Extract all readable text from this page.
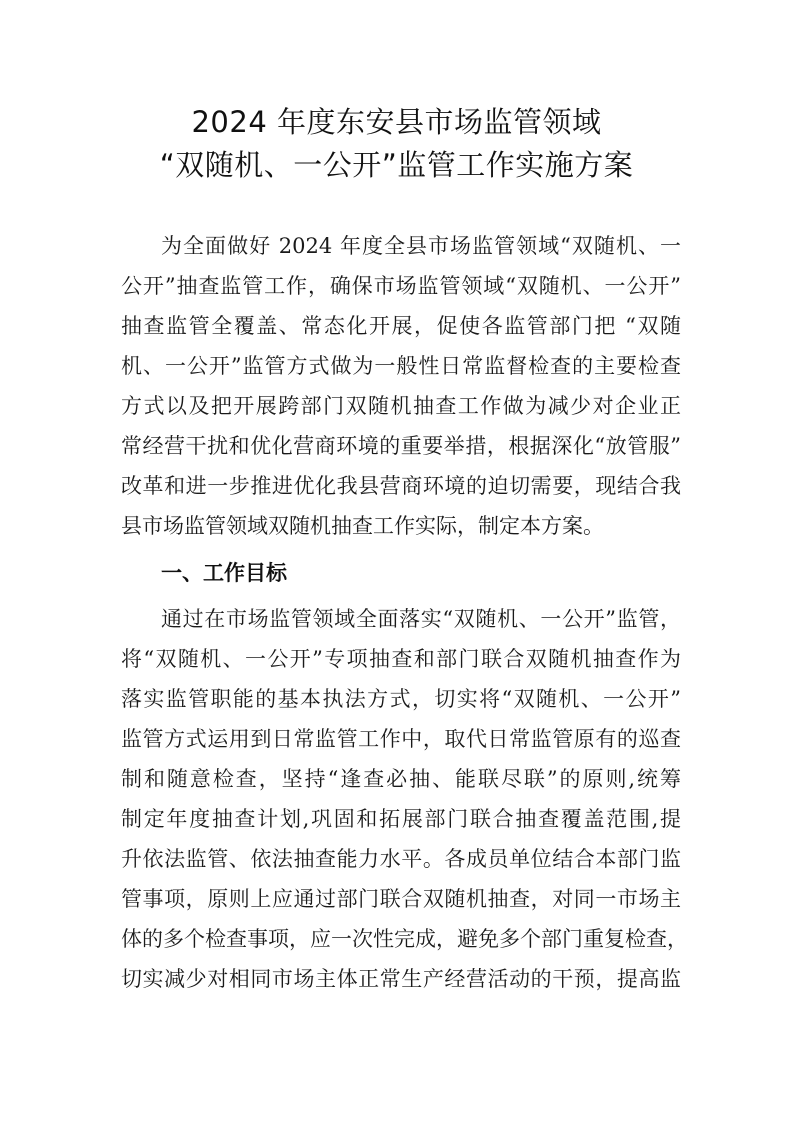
2024 年度东安县市场监管领域
“双随机、一公开”监管工作实施方案
为全面做好 2024 年度全县市场监管领域“双随机、一
公开”抽查监管工作，确保市场监管领域“双随机、一公开”
抽查监管全覆盖、常态化开展，促使各监管部门把 “双随
机、一公开”监管方式做为一般性日常监督检查的主要检查
方式以及把开展跨部门双随机抽查工作做为减少对企业正
常经营干扰和优化营商环境的重要举措，根据深化“放管服”
改革和进一步推进优化我县营商环境的迫切需要，现结合我
县市场监管领域双随机抽查工作实际，制定本方案。
一、工作目标
通过在市场监管领域全面落实“双随机、一公开”监管，
将“双随机、一公开”专项抽查和部门联合双随机抽查作为
落实监管职能的基本执法方式，切实将“双随机、一公开”
监管方式运用到日常监管工作中，取代日常监管原有的巡查
制和随意检查，坚持“逢查必抽、能联尽联”的原则,统筹
制定年度抽查计划,巩固和拓展部门联合抽查覆盖范围,提
升依法监管、依法抽查能力水平。各成员单位结合本部门监
管事项，原则上应通过部门联合双随机抽查，对同一市场主
体的多个检查事项，应一次性完成，避免多个部门重复检查，
切实减少对相同市场主体正常生产经营活动的干预，提高监
